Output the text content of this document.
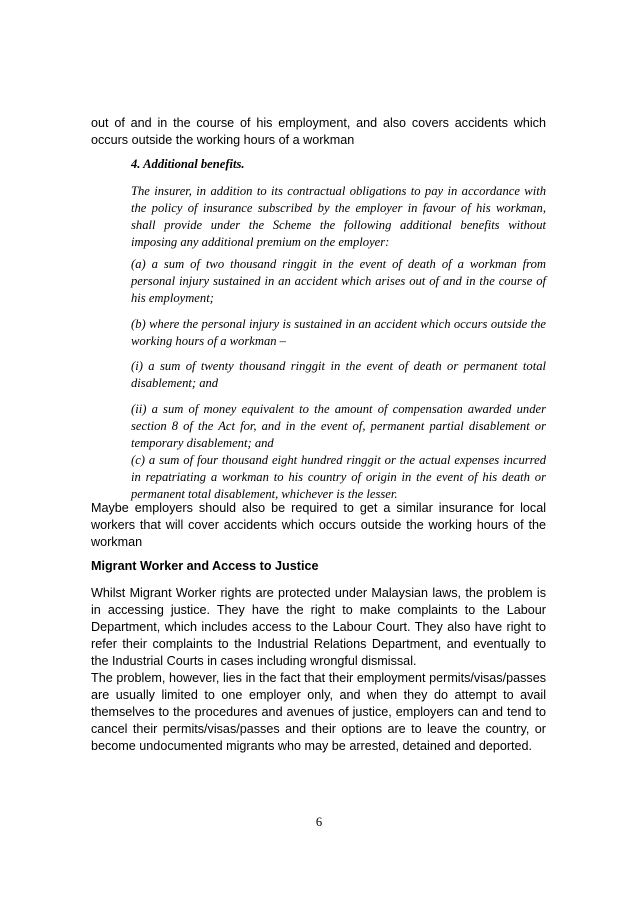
out of and in the course of his employment, and also covers accidents which occurs outside the working hours of a workman

4. Additional benefits.

The insurer, in addition to its contractual obligations to pay in accordance with the policy of insurance subscribed by the employer in favour of his workman, shall provide under the Scheme the following additional benefits without imposing any additional premium on the employer:

(a) a sum of two thousand ringgit in the event of death of a workman from personal injury sustained in an accident which arises out of and in the course of his employment;

(b) where the personal injury is sustained in an accident which occurs outside the working hours of a workman –

(i) a sum of twenty thousand ringgit in the event of death or permanent total disablement; and

(ii) a sum of money equivalent to the amount of compensation awarded under section 8 of the Act for, and in the event of, permanent partial disablement or temporary disablement; and

(c) a sum of four thousand eight hundred ringgit or the actual expenses incurred in repatriating a workman to his country of origin in the event of his death or permanent total disablement, whichever is the lesser.

Maybe employers should also be required to get a similar insurance for local workers that will cover accidents which occurs outside the working hours of the workman

Migrant Worker and Access to Justice

Whilst Migrant Worker rights are protected under Malaysian laws, the problem is in accessing justice. They have the right to make complaints to the Labour Department, which includes access to the Labour Court. They also have right to refer their complaints to the Industrial Relations Department, and eventually to the Industrial Courts in cases including wrongful dismissal.

The problem, however, lies in the fact that their employment permits/visas/passes are usually limited to one employer only, and when they do attempt to avail themselves to the procedures and avenues of justice, employers can and tend to cancel their permits/visas/passes and their options are to leave the country, or become undocumented migrants who may be arrested, detained and deported.

6
